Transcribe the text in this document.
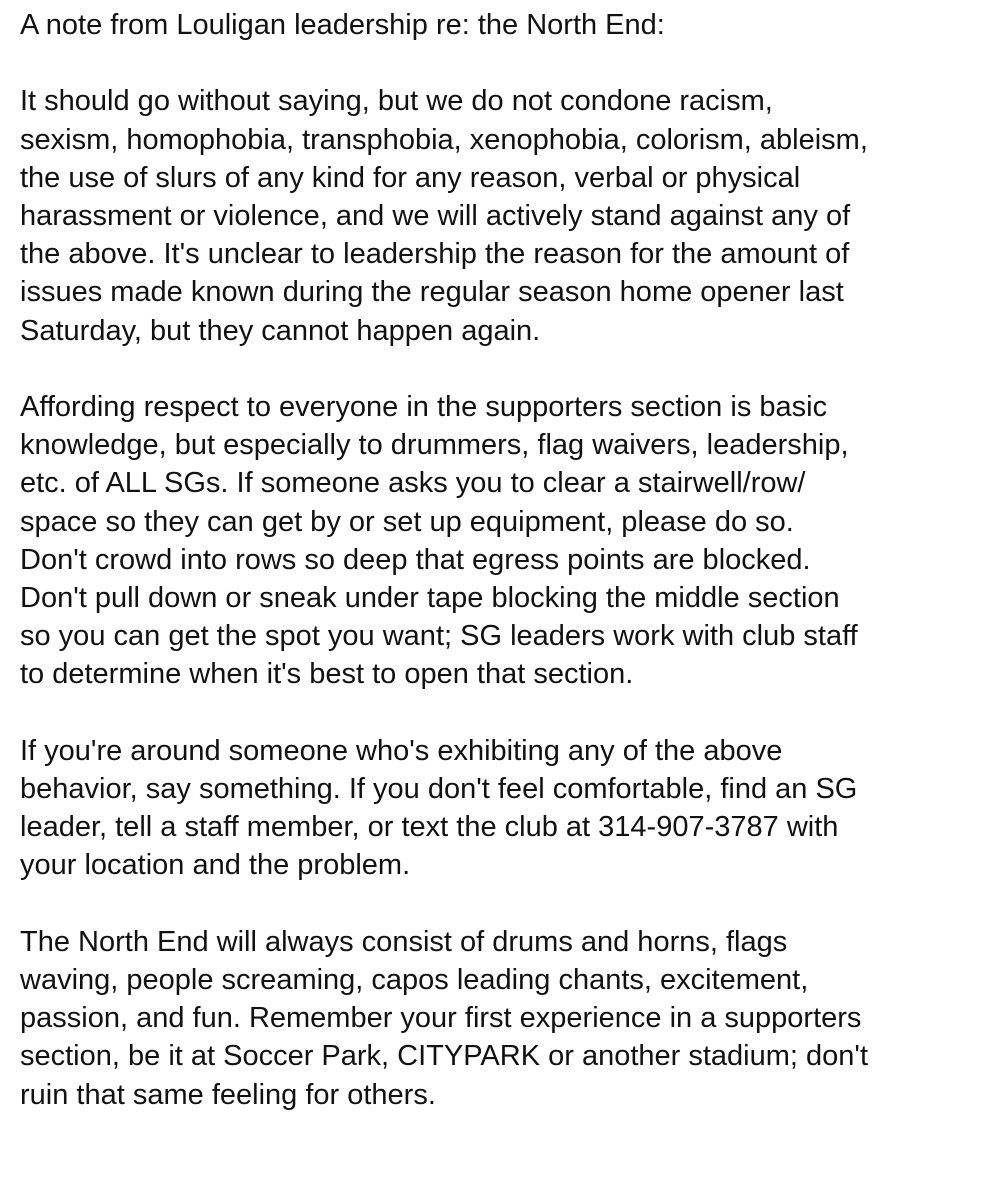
A note from Louligan leadership re: the North End:

It should go without saying, but we do not condone racism,
sexism, homophobia, transphobia, xenophobia, colorism, ableism,
the use of slurs of any kind for any reason, verbal or physical
harassment or violence, and we will actively stand against any of
the above. It's unclear to leadership the reason for the amount of
issues made known during the regular season home opener last
Saturday, but they cannot happen again.

Affording respect to everyone in the supporters section is basic
knowledge, but especially to drummers, flag waivers, leadership,
etc. of ALL SGs. If someone asks you to clear a stairwell/row/
space so they can get by or set up equipment, please do so.
Don't crowd into rows so deep that egress points are blocked.
Don't pull down or sneak under tape blocking the middle section
so you can get the spot you want; SG leaders work with club staff
to determine when it's best to open that section.

If you're around someone who's exhibiting any of the above
behavior, say something. If you don't feel comfortable, find an SG
leader, tell a staff member, or text the club at 314-907-3787 with
your location and the problem.

The North End will always consist of drums and horns, flags
waving, people screaming, capos leading chants, excitement,
passion, and fun. Remember your first experience in a supporters
section, be it at Soccer Park, CITYPARK or another stadium; don't
ruin that same feeling for others.
